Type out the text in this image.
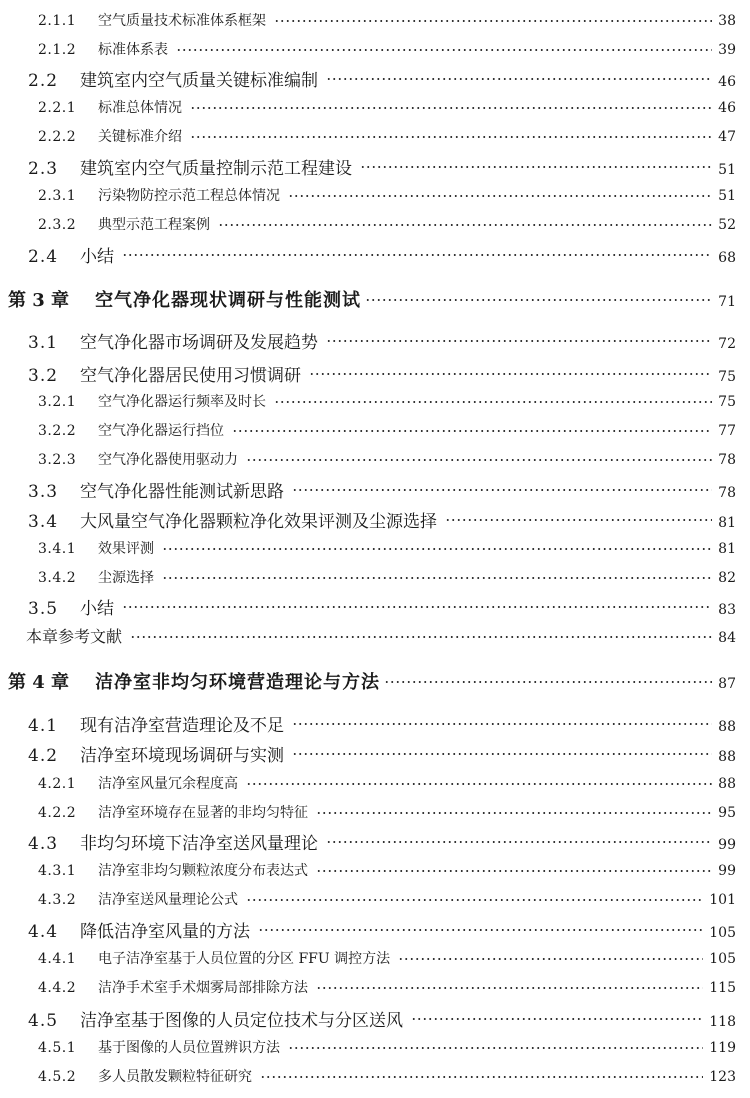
2.1.1	空气质量技术标准体系框架	38
2.1.2	标准体系表	39
2.2	建筑室内空气质量关键标准编制	46
2.2.1	标准总体情况	46
2.2.2	关键标准介绍	47
2.3	建筑室内空气质量控制示范工程建设	51
2.3.1	污染物防控示范工程总体情况	51
2.3.2	典型示范工程案例	52
2.4	小结	68
第 3 章 空气净化器现状调研与性能测试	71
3.1	空气净化器市场调研及发展趋势	72
3.2	空气净化器居民使用习惯调研	75
3.2.1	空气净化器运行频率及时长	75
3.2.2	空气净化器运行挡位	77
3.2.3	空气净化器使用驱动力	78
3.3	空气净化器性能测试新思路	78
3.4	大风量空气净化器颗粒净化效果评测及尘源选择	81
3.4.1	效果评测	81
3.4.2	尘源选择	82
3.5	小结	83
本章参考文献	84
第 4 章 洁净室非均匀环境营造理论与方法	87
4.1	现有洁净室营造理论及不足	88
4.2	洁净室环境现场调研与实测	88
4.2.1	洁净室风量冗余程度高	88
4.2.2	洁净室环境存在显著的非均匀特征	95
4.3	非均匀环境下洁净室送风量理论	99
4.3.1	洁净室非均匀颗粒浓度分布表达式	99
4.3.2	洁净室送风量理论公式	101
4.4	降低洁净室风量的方法	105
4.4.1	电子洁净室基于人员位置的分区 FFU 调控方法	105
4.4.2	洁净手术室手术烟雾局部排除方法	115
4.5	洁净室基于图像的人员定位技术与分区送风	118
4.5.1	基于图像的人员位置辨识方法	119
4.5.2	多人员散发颗粒特征研究	123
